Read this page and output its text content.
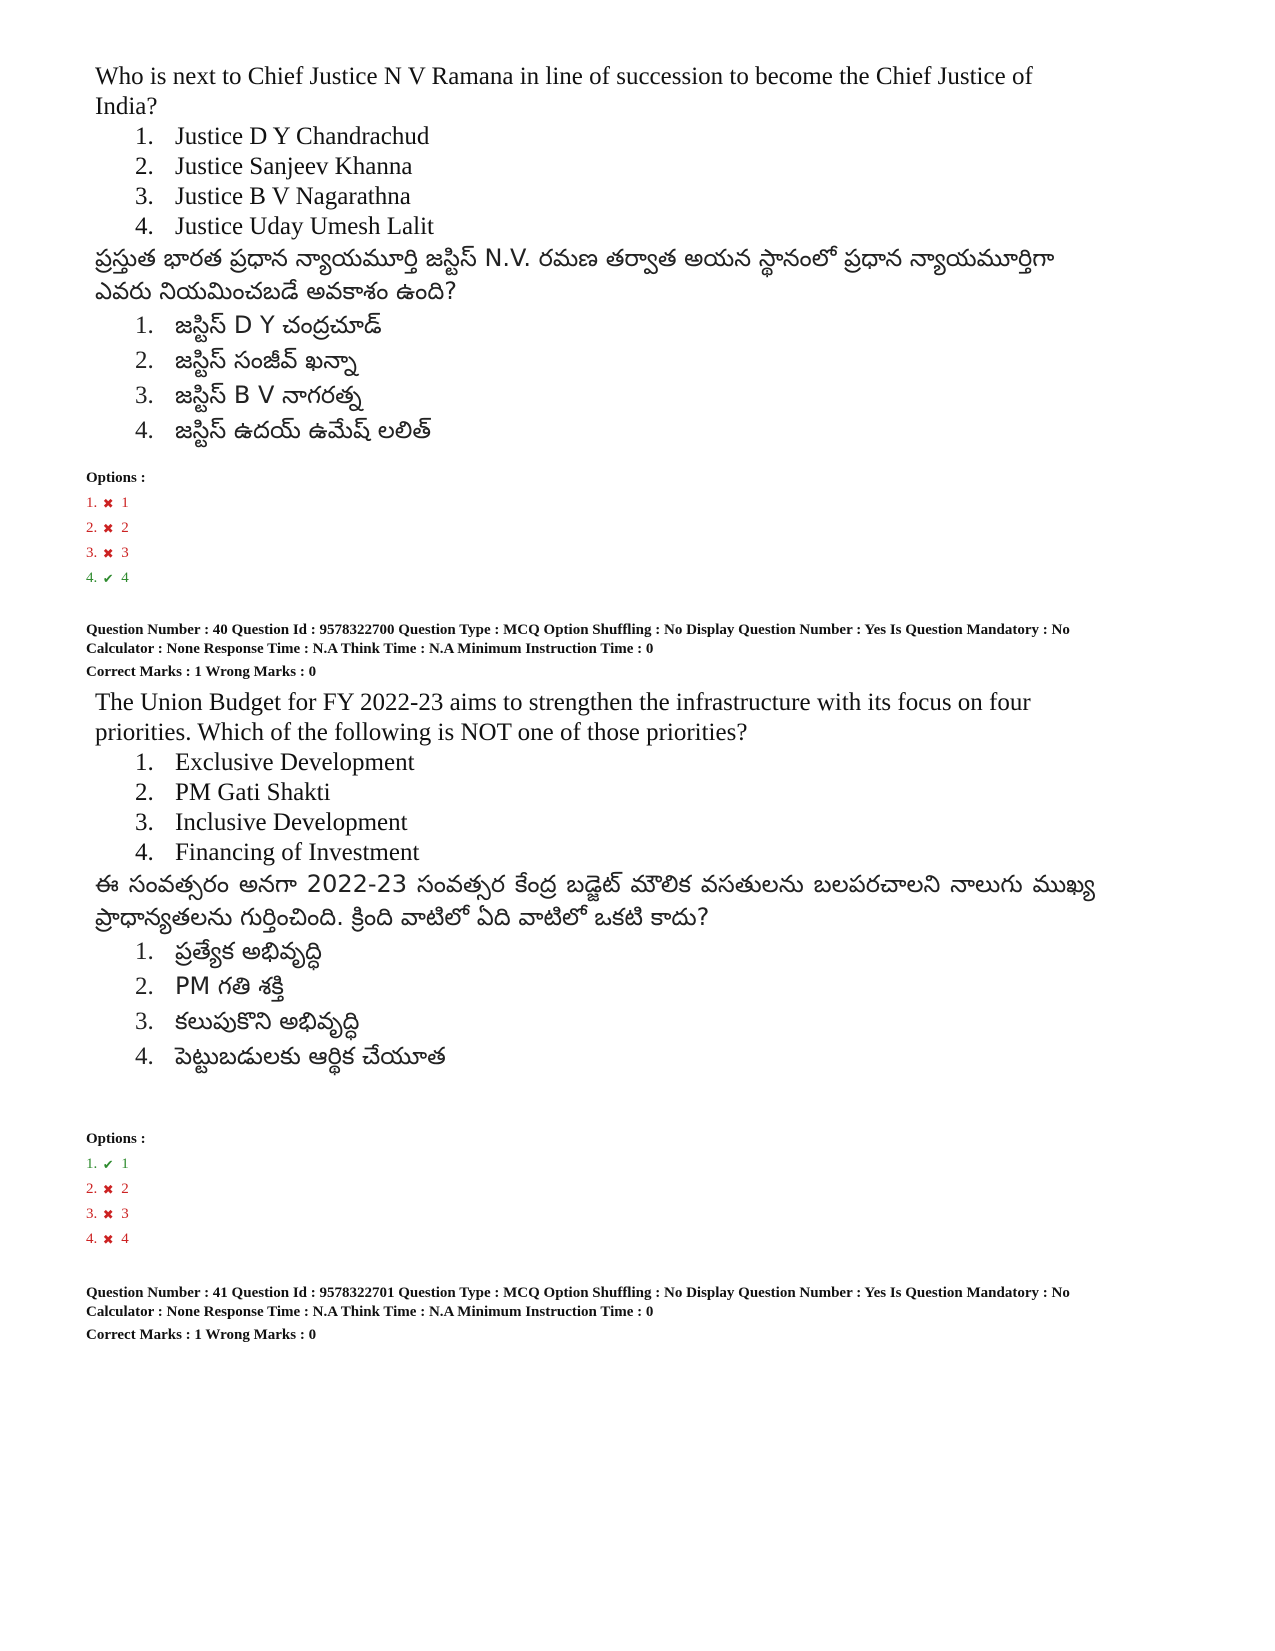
Who is next to Chief Justice N V Ramana in line of succession to become the Chief Justice of India?

1. Justice D Y Chandrachud
2. Justice Sanjeev Khanna
3. Justice B V Nagarathna
4. Justice Uday Umesh Lalit

ప్రస్తుత భారత ప్రధాన న్యాయమూర్తి జస్టిస్ N.V. రమణ తర్వాత అయన స్థానంలో ప్రధాన న్యాయమూర్తిగా ఎవరు నియమించబడే అవకాశం ఉంది?

1. జస్టిస్ D Y చంద్రచూడ్
2. జస్టిస్ సంజీవ్ ఖన్నా
3. జస్టిస్ B V నాగరత్న
4. జస్టిస్ ఉదయ్ ఉమేష్ లలిత్
Options :
1. ✖ 1
2. ✖ 2
3. ✖ 3
4. ✔ 4
Question Number : 40 Question Id : 9578322700 Question Type : MCQ Option Shuffling : No Display Question Number : Yes Is Question Mandatory : No
Calculator : None Response Time : N.A Think Time : N.A Minimum Instruction Time : 0
Correct Marks : 1 Wrong Marks : 0

The Union Budget for FY 2022-23 aims to strengthen the infrastructure with its focus on four priorities. Which of the following is NOT one of those priorities?

1. Exclusive Development
2. PM Gati Shakti
3. Inclusive Development
4. Financing of Investment

ఈ సంవత్సరం అనగా 2022-23 సంవత్సర కేంద్ర బడ్జెట్ మౌలిక వసతులను బలపరచాలని నాలుగు ముఖ్య ప్రాధాన్యతలను గుర్తించింది. క్రింది వాటిలో ఏది వాటిలో ఒకటి కాదు?

1. ప్రత్యేక అభివృద్ధి
2. PM గతి శక్తి
3. కలుపుకొని అభివృద్ధి
4. పెట్టుబడులకు ఆర్థిక చేయూత
Options :
1. ✔ 1
2. ✖ 2
3. ✖ 3
4. ✖ 4
Question Number : 41 Question Id : 9578322701 Question Type : MCQ Option Shuffling : No Display Question Number : Yes Is Question Mandatory : No
Calculator : None Response Time : N.A Think Time : N.A Minimum Instruction Time : 0
Correct Marks : 1 Wrong Marks : 0
